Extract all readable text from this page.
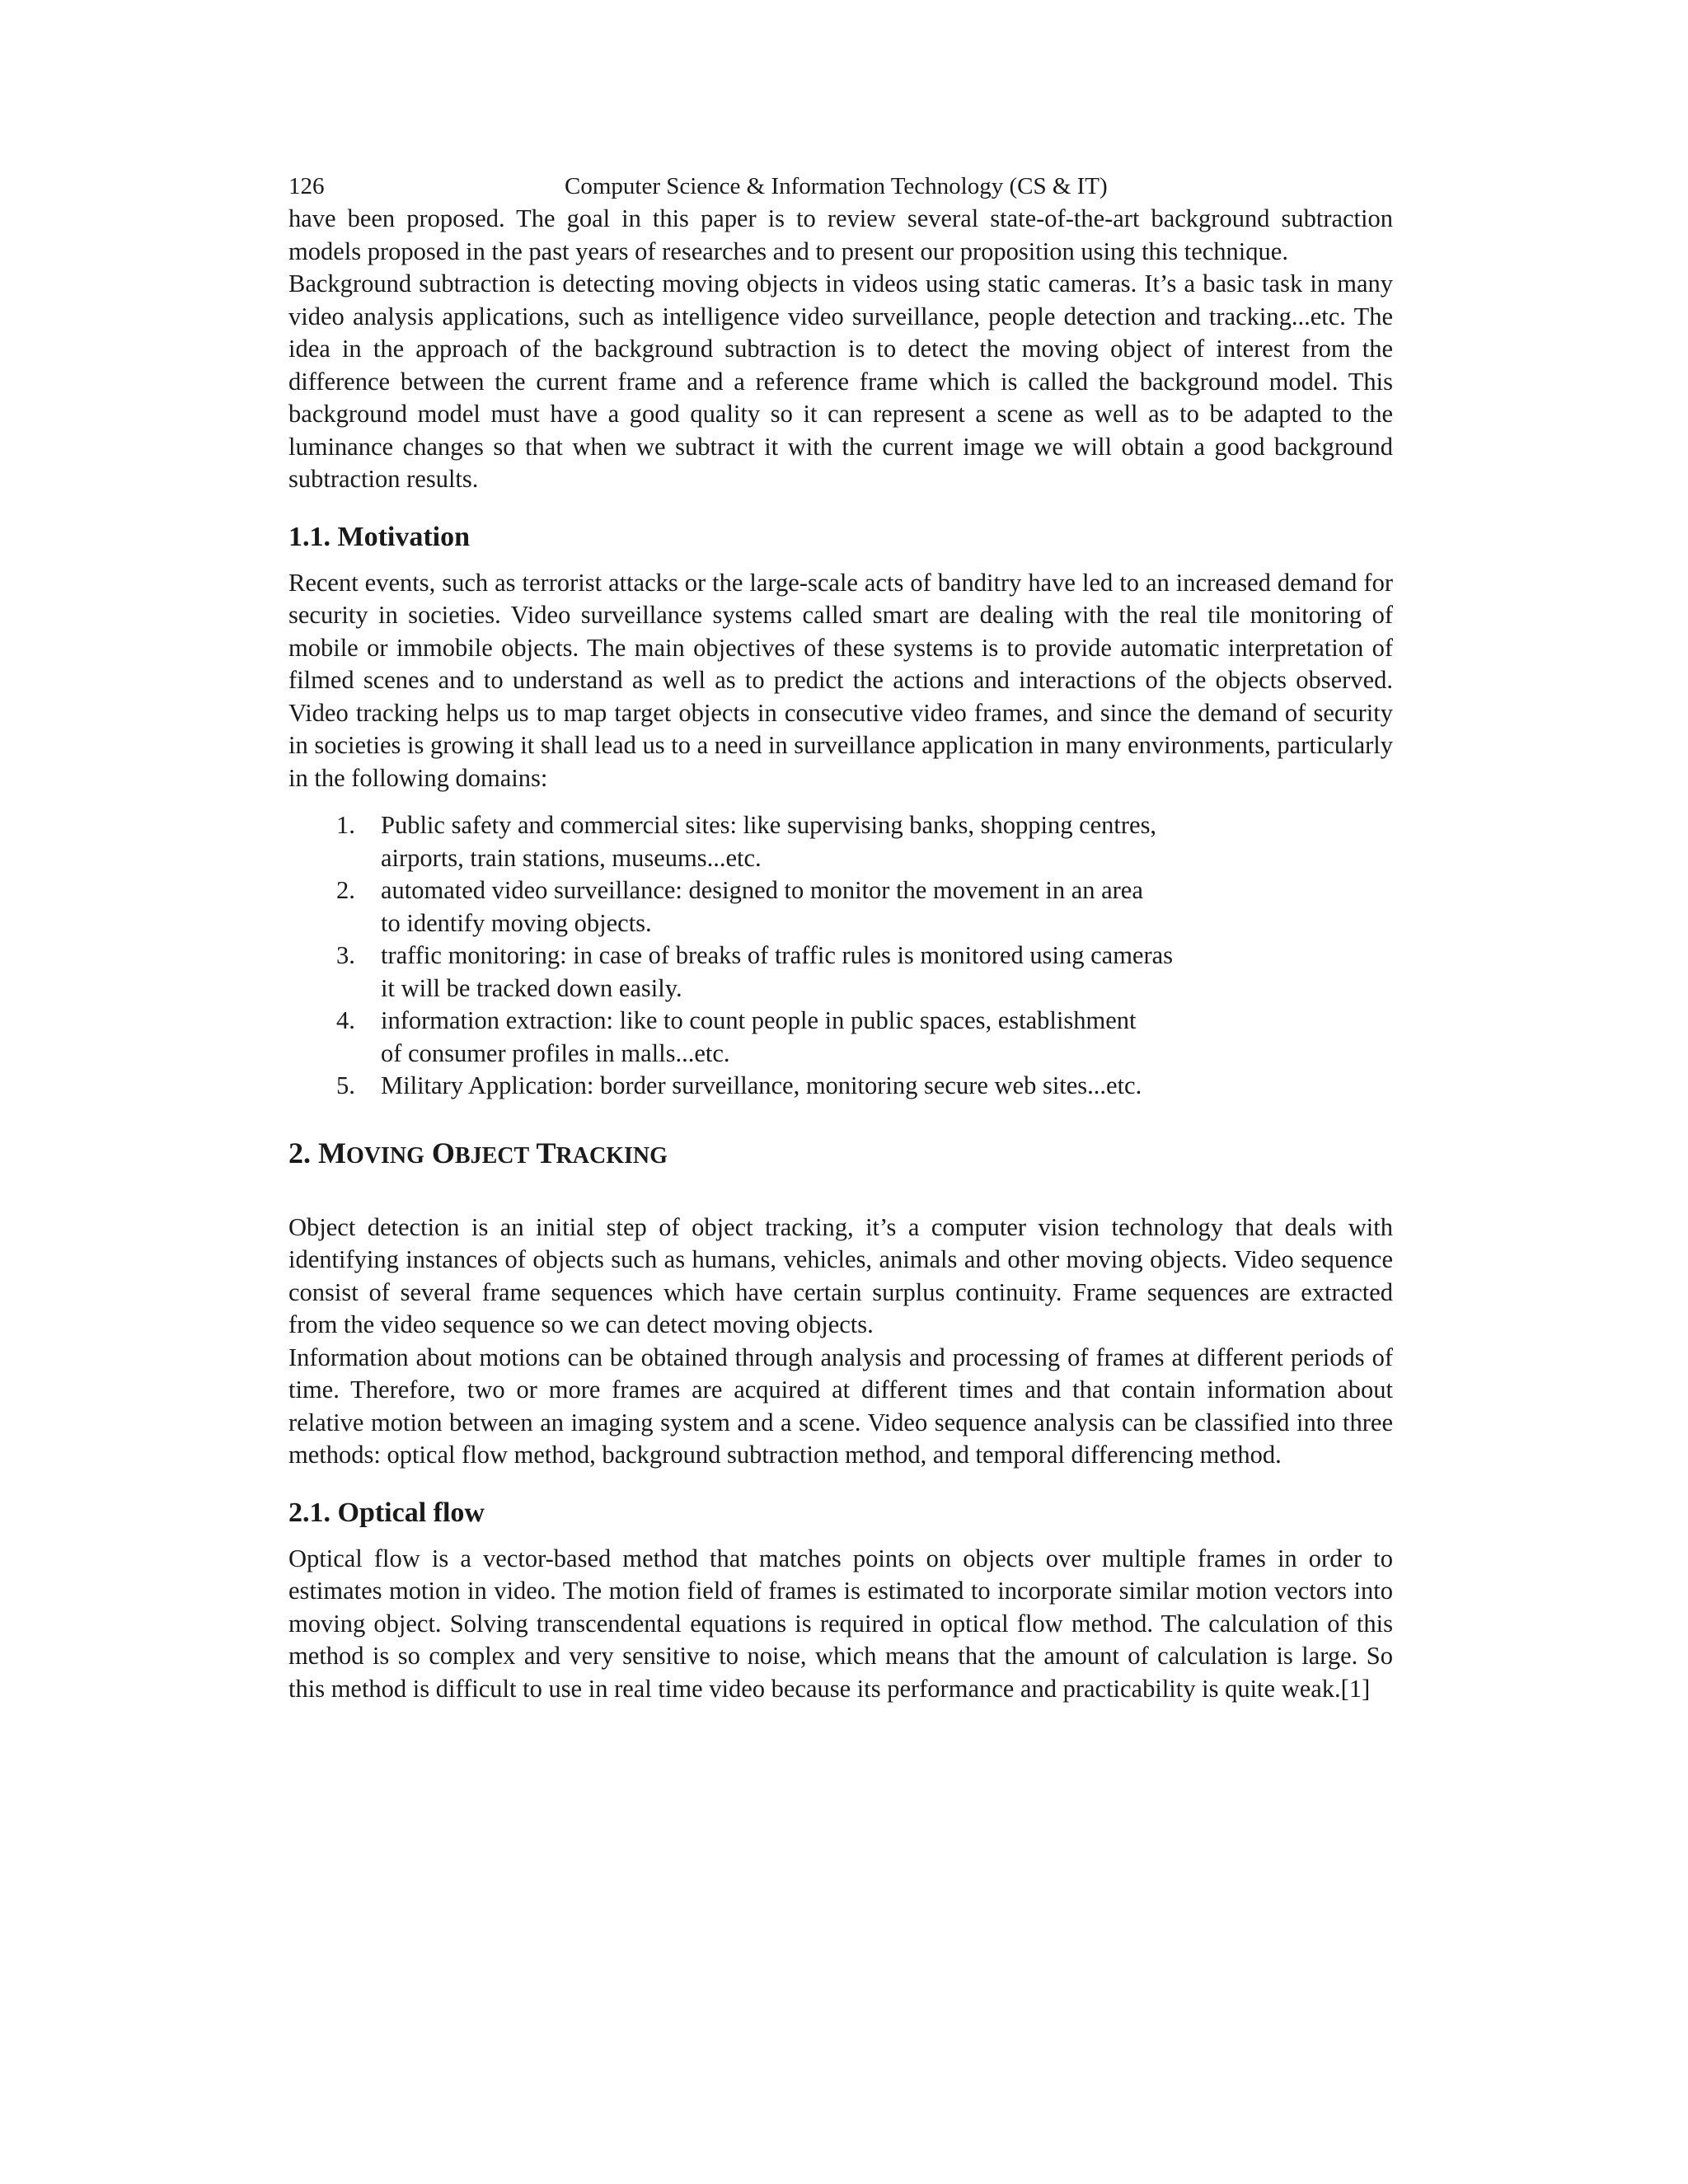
126	Computer Science & Information Technology (CS & IT)

have been proposed. The goal in this paper is to review several state-of-the-art background subtraction models proposed in the past years of researches and to present our proposition using this technique.

Background subtraction is detecting moving objects in videos using static cameras. It’s a basic task in many video analysis applications, such as intelligence video surveillance, people detection and tracking...etc. The idea in the approach of the background subtraction is to detect the moving object of interest from the difference between the current frame and a reference frame which is called the background model. This background model must have a good quality so it can represent a scene as well as to be adapted to the luminance changes so that when we subtract it with the current image we will obtain a good background subtraction results.

1.1. Motivation

Recent events, such as terrorist attacks or the large-scale acts of banditry have led to an increased demand for security in societies. Video surveillance systems called smart are dealing with the real tile monitoring of mobile or immobile objects. The main objectives of these systems is to provide automatic interpretation of filmed scenes and to understand as well as to predict the actions and interactions of the objects observed. Video tracking helps us to map target objects in consecutive video frames, and since the demand of security in societies is growing it shall lead us to a need in surveillance application in many environments, particularly in the following domains:

1. Public safety and commercial sites: like supervising banks, shopping centres,
airports, train stations, museums...etc.
2. automated video surveillance: designed to monitor the movement in an area
to identify moving objects.
3. traffic monitoring: in case of breaks of traffic rules is monitored using cameras
it will be tracked down easily.
4. information extraction: like to count people in public spaces, establishment
of consumer profiles in malls...etc.
5. Military Application: border surveillance, monitoring secure web sites...etc.
2. MOVING OBJECT TRACKING

Object detection is an initial step of object tracking, it’s a computer vision technology that deals with identifying instances of objects such as humans, vehicles, animals and other moving objects. Video sequence consist of several frame sequences which have certain surplus continuity. Frame sequences are extracted from the video sequence so we can detect moving objects.

Information about motions can be obtained through analysis and processing of frames at different periods of time. Therefore, two or more frames are acquired at different times and that contain information about relative motion between an imaging system and a scene. Video sequence analysis can be classified into three methods: optical flow method, background subtraction method, and temporal differencing method.

2.1. Optical flow

Optical flow is a vector-based method that matches points on objects over multiple frames in order to estimates motion in video. The motion field of frames is estimated to incorporate similar motion vectors into moving object. Solving transcendental equations is required in optical flow method. The calculation of this method is so complex and very sensitive to noise, which means that the amount of calculation is large. So this method is difficult to use in real time video because its performance and practicability is quite weak.[1]
